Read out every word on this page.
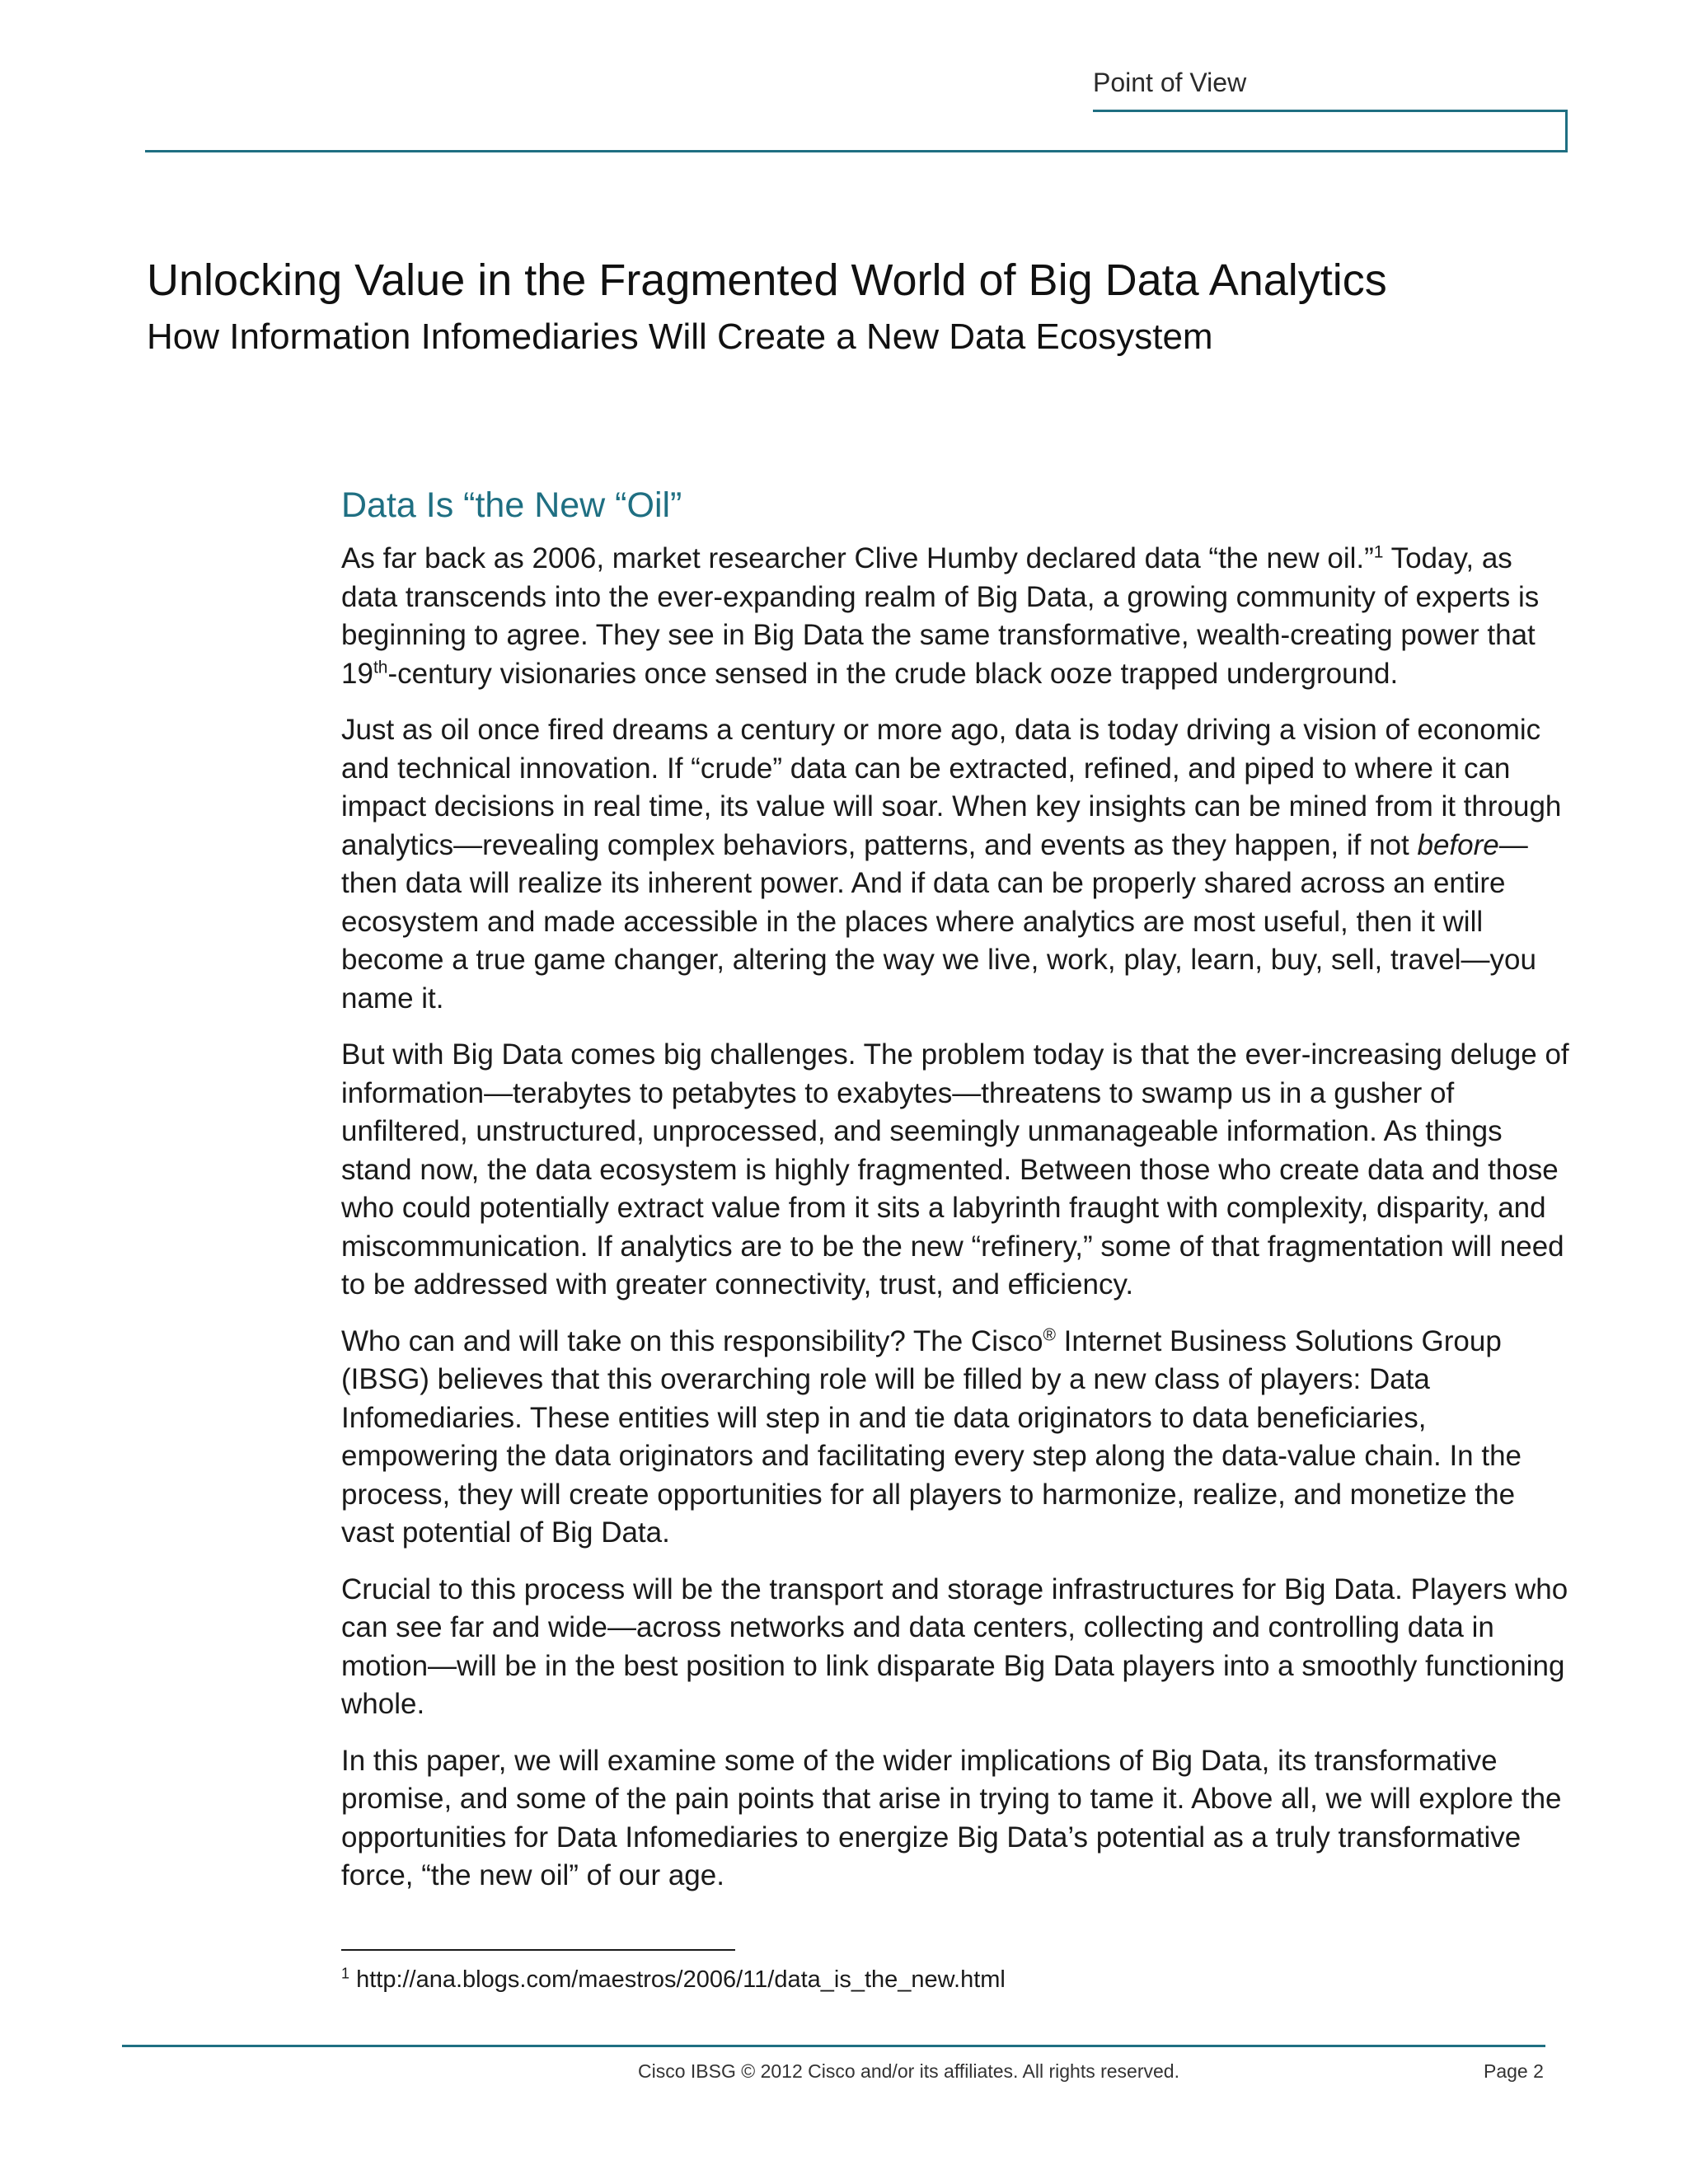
Point of View
Unlocking Value in the Fragmented World of Big Data Analytics
How Information Infomediaries Will Create a New Data Ecosystem
Data Is “the New “Oil”

As far back as 2006, market researcher Clive Humby declared data “the new oil.”$^1$ Today, as data transcends into the ever-expanding realm of Big Data, a growing community of experts is beginning to agree. They see in Big Data the same transformative, wealth-creating power that 19th-century visionaries once sensed in the crude black ooze trapped underground.

Just as oil once fired dreams a century or more ago, data is today driving a vision of economic and technical innovation. If “crude” data can be extracted, refined, and piped to where it can impact decisions in real time, its value will soar. When key insights can be mined from it through analytics—revealing complex behaviors, patterns, and events as they happen, if not before—then data will realize its inherent power. And if data can be properly shared across an entire ecosystem and made accessible in the places where analytics are most useful, then it will become a true game changer, altering the way we live, work, play, learn, buy, sell, travel—you name it.

But with Big Data comes big challenges. The problem today is that the ever-increasing deluge of information—terabytes to petabytes to exabytes—threatens to swamp us in a gusher of unfiltered, unstructured, unprocessed, and seemingly unmanageable information. As things stand now, the data ecosystem is highly fragmented. Between those who create data and those who could potentially extract value from it sits a labyrinth fraught with complexity, disparity, and miscommunication. If analytics are to be the new “refinery,” some of that fragmentation will need to be addressed with greater connectivity, trust, and efficiency.

Who can and will take on this responsibility? The Cisco® Internet Business Solutions Group (IBSG) believes that this overarching role will be filled by a new class of players: Data Infomediaries. These entities will step in and tie data originators to data beneficiaries, empowering the data originators and facilitating every step along the data-value chain. In the process, they will create opportunities for all players to harmonize, realize, and monetize the vast potential of Big Data.

Crucial to this process will be the transport and storage infrastructures for Big Data. Players who can see far and wide—across networks and data centers, collecting and controlling data in motion—will be in the best position to link disparate Big Data players into a smoothly functioning whole.

In this paper, we will examine some of the wider implications of Big Data, its transformative promise, and some of the pain points that arise in trying to tame it. Above all, we will explore the opportunities for Data Infomediaries to energize Big Data’s potential as a truly transformative force, “the new oil” of our age.

$^1$ http://ana.blogs.com/maestros/2006/11/data_is_the_new.html
Cisco IBSG © 2012 Cisco and/or its affiliates. All rights reserved.	Page 2
